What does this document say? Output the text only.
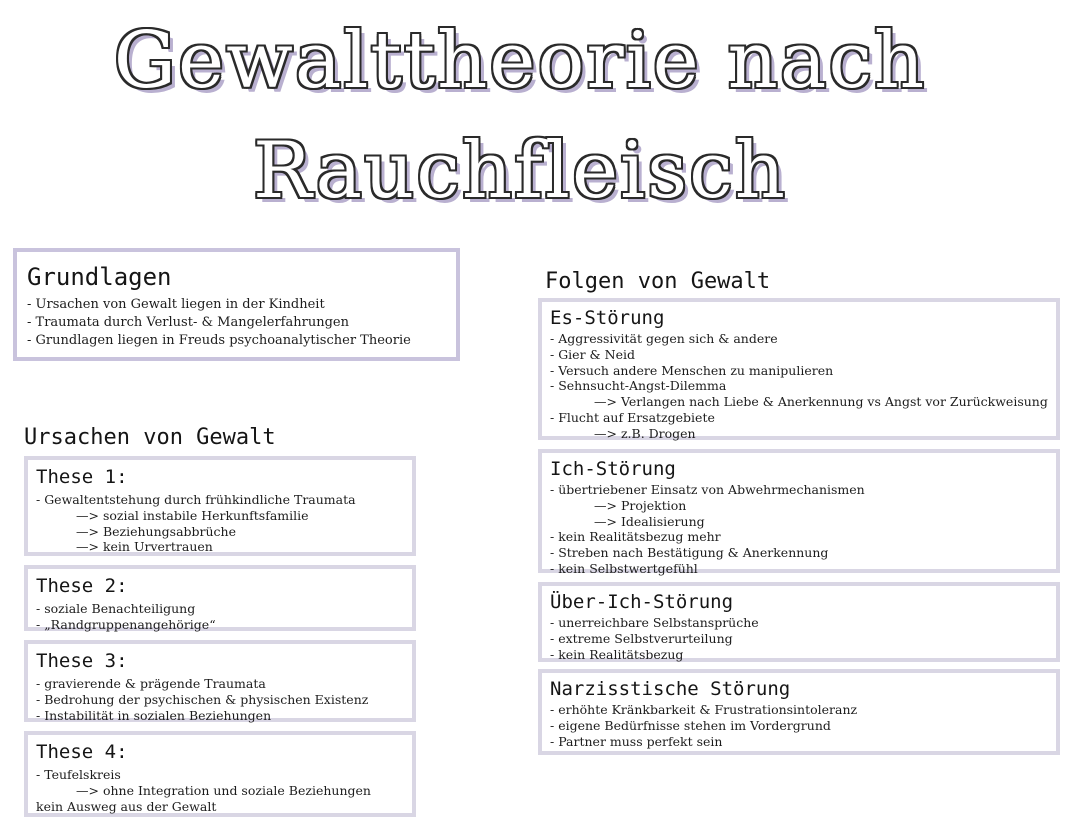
Gewalttheorie nach
Rauchfleisch
Grundlagen
- Ursachen von Gewalt liegen in der Kindheit
- Traumata durch Verlust- & Mangelerfahrungen
- Grundlagen liegen in Freuds psychoanalytischer Theorie
Ursachen von Gewalt
These 1:
- Gewaltentstehung durch frühkindliche Traumata
—> sozial instabile Herkunftsfamilie
—> Beziehungsabbrüche
—> kein Urvertrauen
These 2:
- soziale Benachteiligung
- „Randgruppenangehörige“
These 3:
- gravierende & prägende Traumata
- Bedrohung der psychischen & physischen Existenz
- Instabilität in sozialen Beziehungen
These 4:
- Teufelskreis
—> ohne Integration und soziale Beziehungen
kein Ausweg aus der Gewalt
Folgen von Gewalt
Es-Störung
- Aggressivität gegen sich & andere
- Gier & Neid
- Versuch andere Menschen zu manipulieren
- Sehnsucht-Angst-Dilemma
—> Verlangen nach Liebe & Anerkennung vs Angst vor Zurückweisung
- Flucht auf Ersatzgebiete
—> z.B. Drogen
Ich-Störung
- übertriebener Einsatz von Abwehrmechanismen
—> Projektion
—> Idealisierung
- kein Realitätsbezug mehr
- Streben nach Bestätigung & Anerkennung
- kein Selbstwertgefühl
Über-Ich-Störung
- unerreichbare Selbstansprüche
- extreme Selbstverurteilung
- kein Realitätsbezug
Narzisstische Störung
- erhöhte Kränkbarkeit & Frustrationsintoleranz
- eigene Bedürfnisse stehen im Vordergrund
- Partner muss perfekt sein
